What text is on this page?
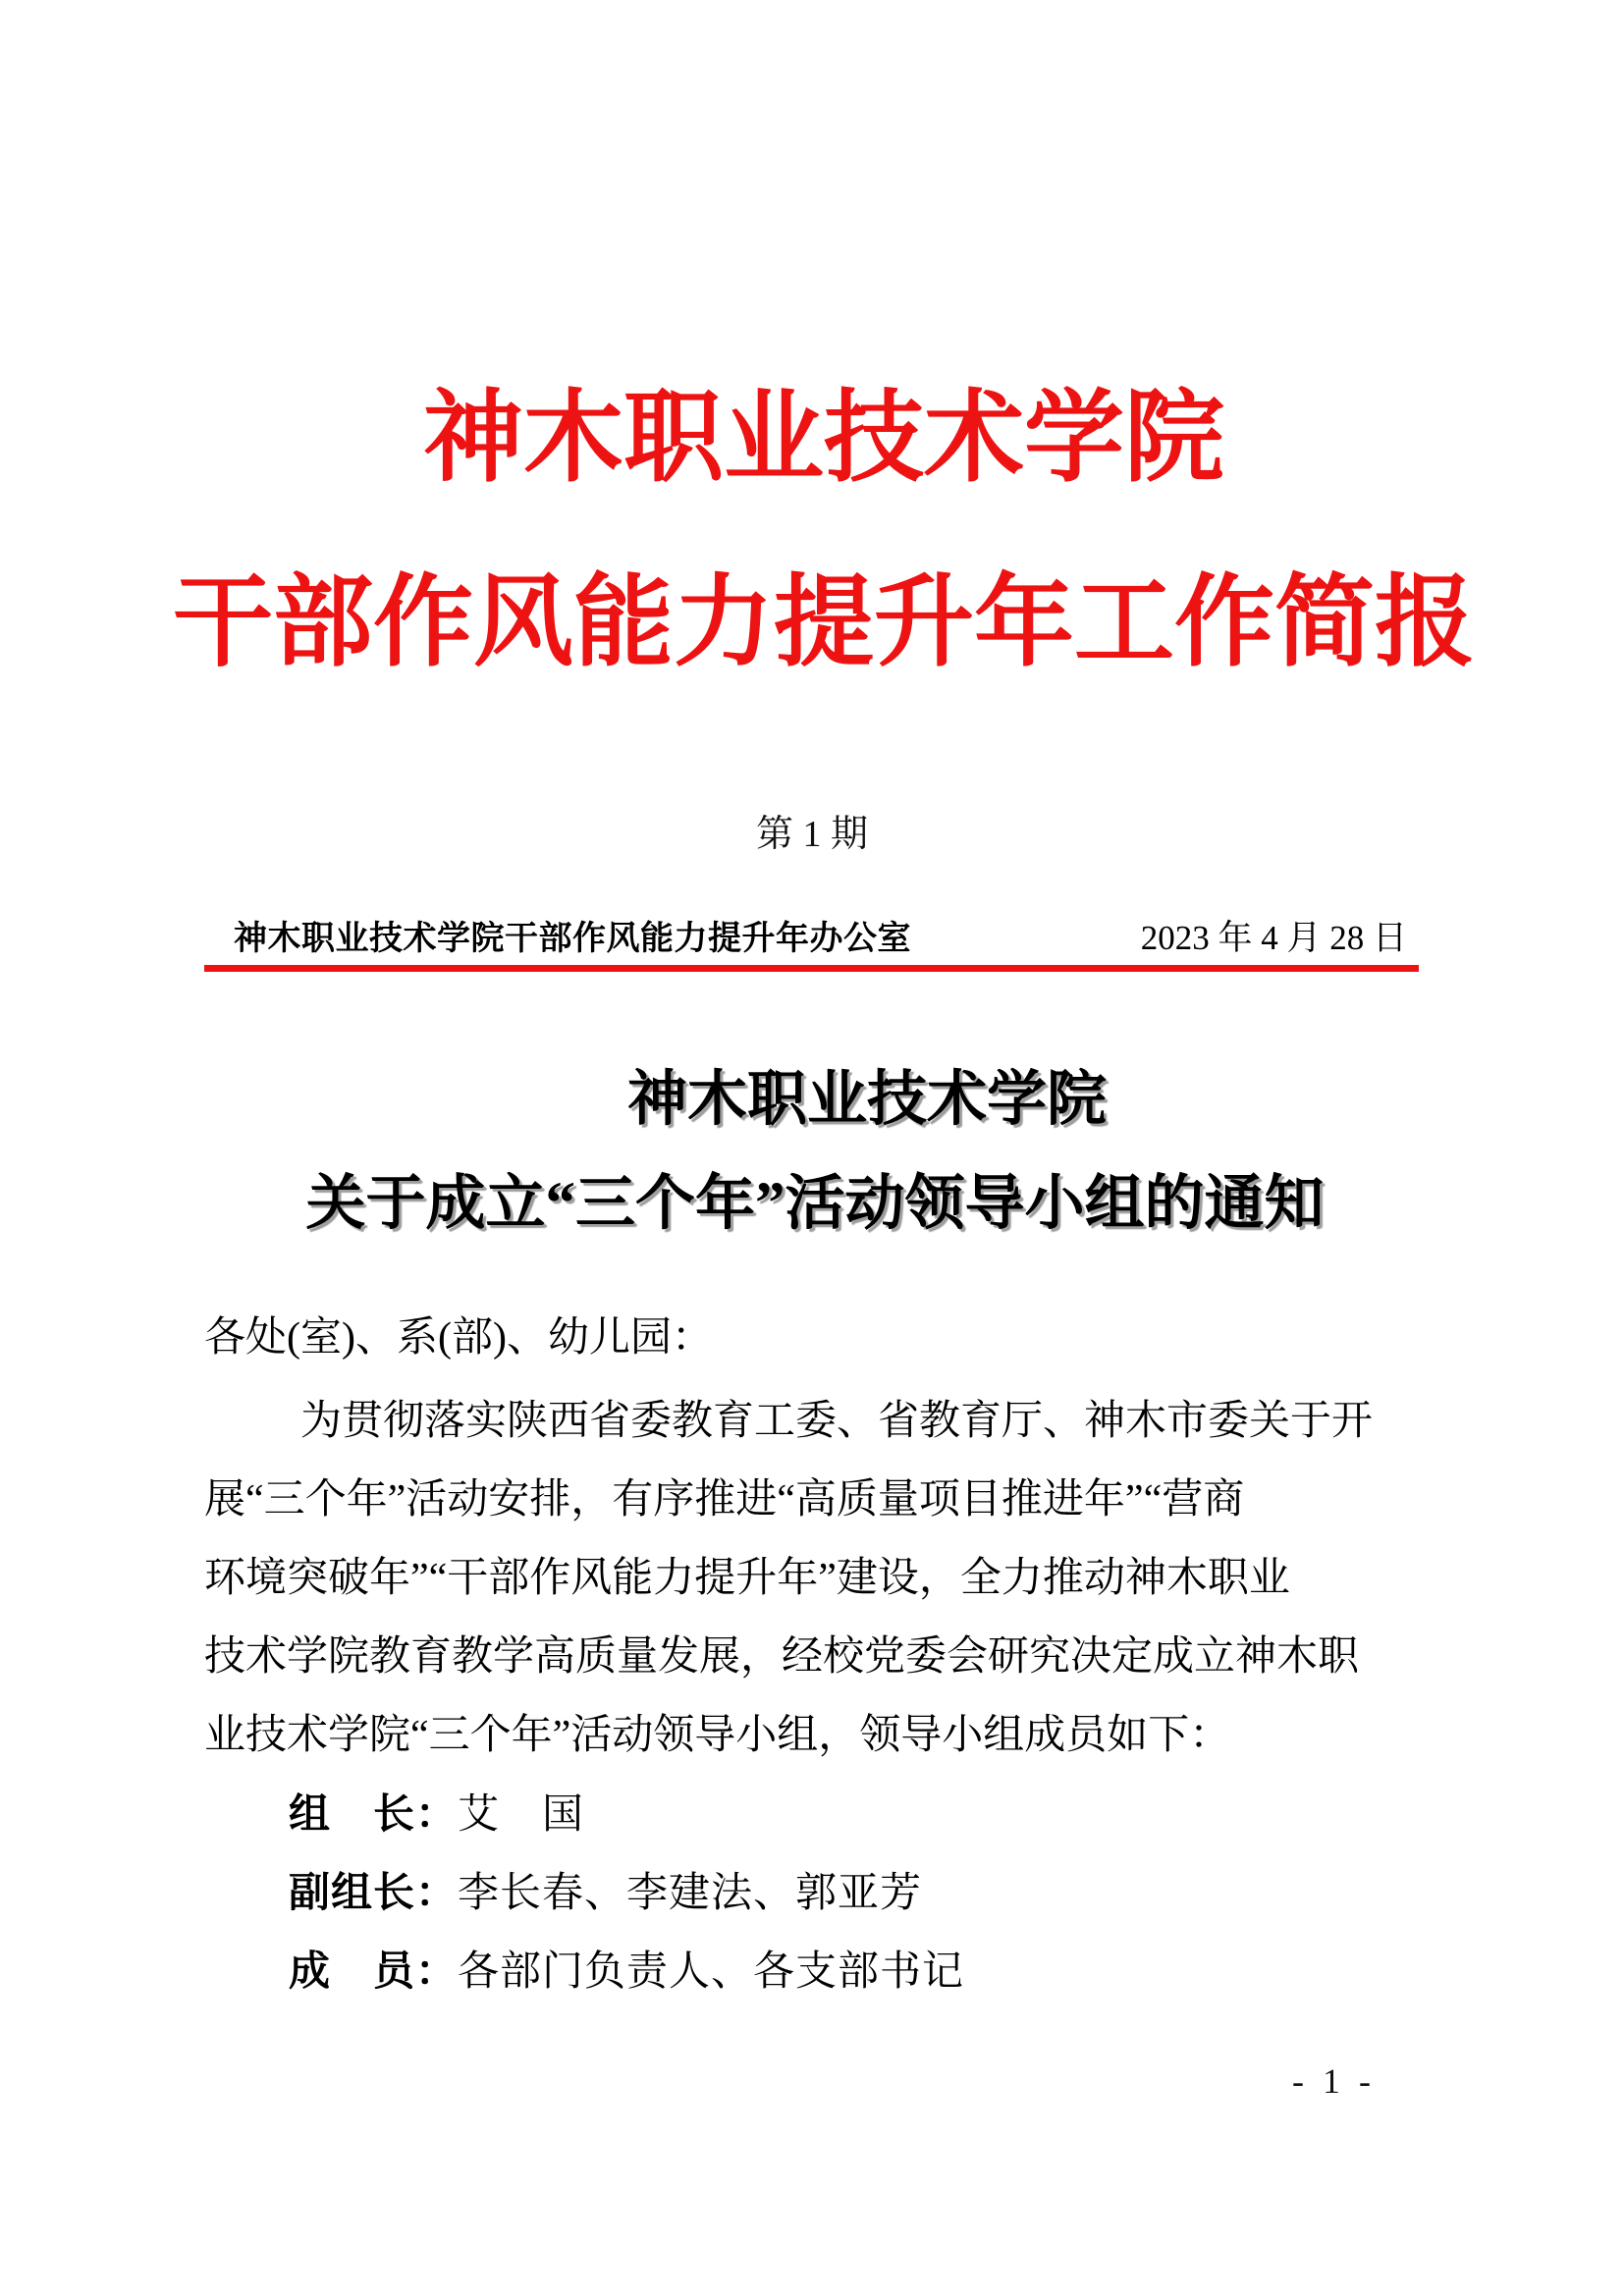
神木职业技术学院
干部作风能力提升年工作简报
第 1 期
神木职业技术学院干部作风能力提升年办公室	2023 年 4 月 28 日
神木职业技术学院
关于成立“三个年”活动领导小组的通知
各处(室)、系(部)、幼儿园：
为贯彻落实陕西省委教育工委、省教育厅、神木市委关于开
展“三个年”活动安排，有序推进“高质量项目推进年”“营商
环境突破年”“干部作风能力提升年”建设，全力推动神木职业
技术学院教育教学高质量发展，经校党委会研究决定成立神木职
业技术学院“三个年”活动领导小组，领导小组成员如下：
组　长：艾　国
副组长：李长春、李建法、郭亚芳
成　员：各部门负责人、各支部书记
- 1 -
